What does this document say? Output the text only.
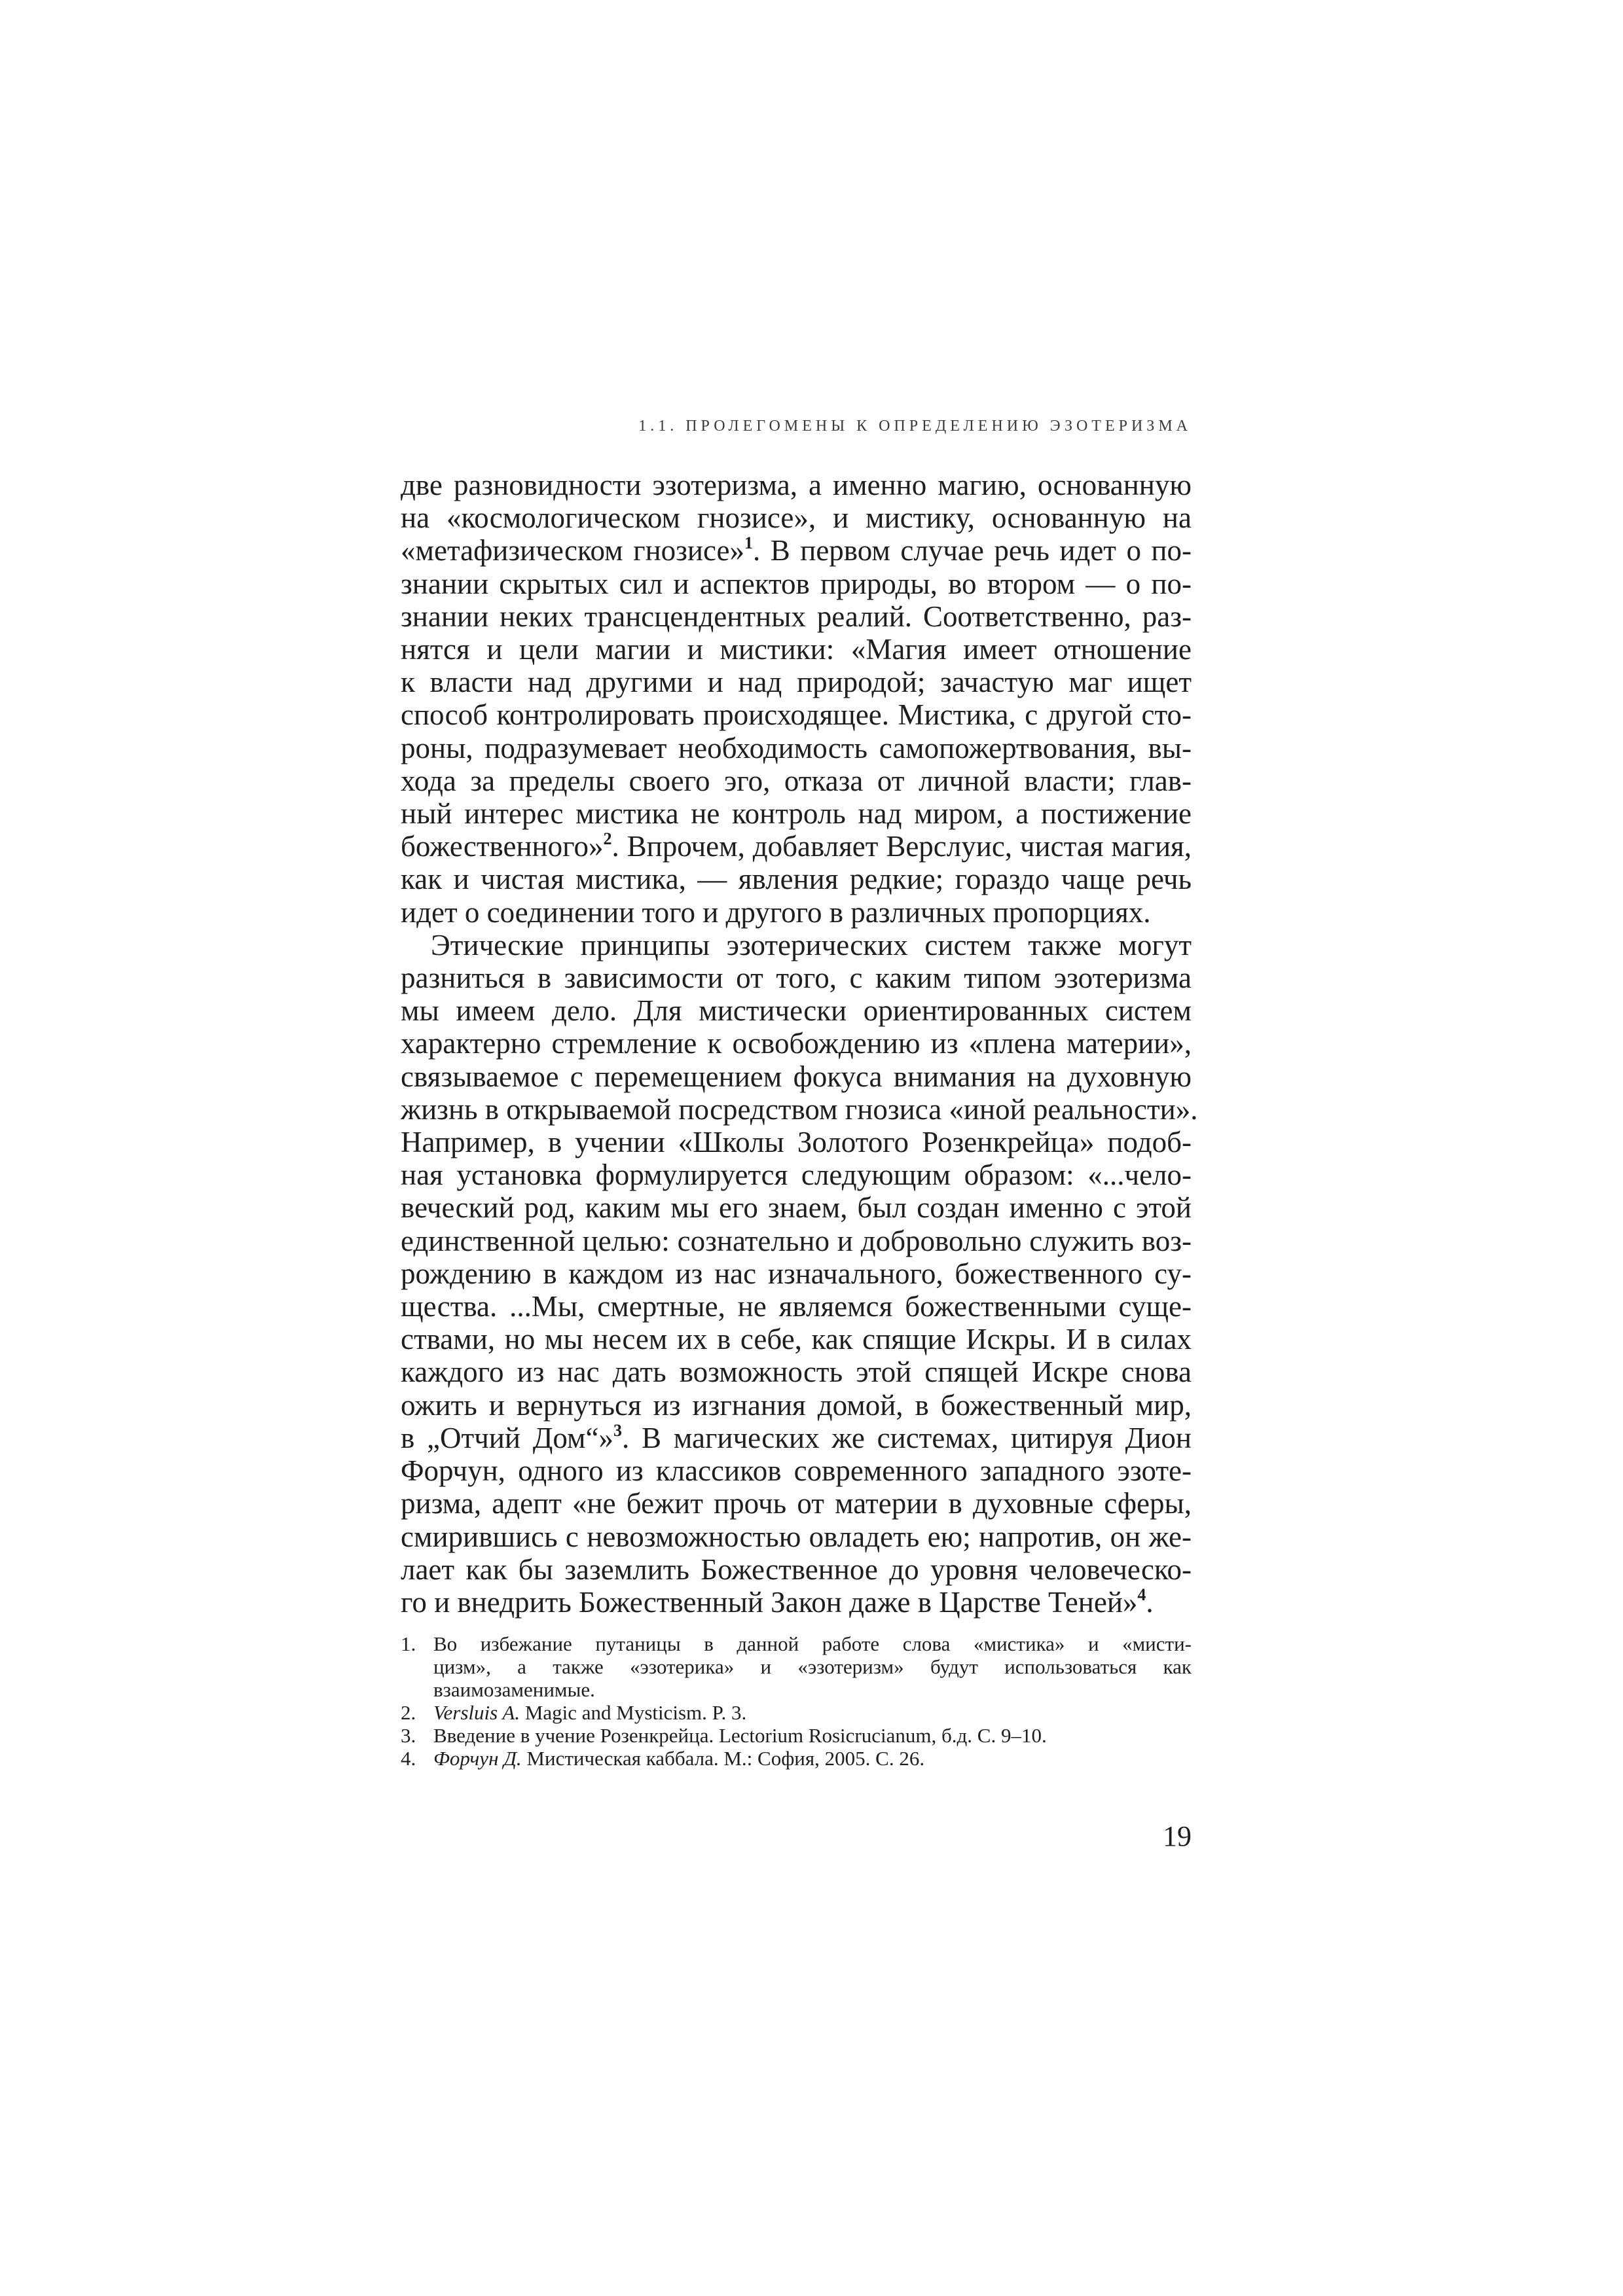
1.1. ПРОЛЕГОМЕНЫ К ОПРЕДЕЛЕНИЮ ЭЗОТЕРИЗМА
две разновидности эзотеризма, а именно магию, основанную
на «космологическом гнозисе», и мистику, основанную на
«метафизическом гнозисе»$^1$. В первом случае речь идет о по-
знании скрытых сил и аспектов природы, во втором — о по-
знании неких трансцендентных реалий. Соответственно, раз-
нятся и цели магии и мистики: «Магия имеет отношение
к власти над другими и над природой; зачастую маг ищет
способ контролировать происходящее. Мистика, с другой сто-
роны, подразумевает необходимость самопожертвования, вы-
хода за пределы своего эго, отказа от личной власти; глав-
ный интерес мистика не контроль над миром, а постижение
божественного»$^2$. Впрочем, добавляет Верслуис, чистая магия,
как и чистая мистика, — явления редкие; гораздо чаще речь
идет о соединении того и другого в различных пропорциях.
Этические принципы эзотерических систем также могут
разниться в зависимости от того, с каким типом эзотеризма
мы имеем дело. Для мистически ориентированных систем
характерно стремление к освобождению из «плена материи»,
связываемое с перемещением фокуса внимания на духовную
жизнь в открываемой посредством гнозиса «иной реальности».
Например, в учении «Школы Золотого Розенкрейца» подоб-
ная установка формулируется следующим образом: «...чело-
веческий род, каким мы его знаем, был создан именно с этой
единственной целью: сознательно и добровольно служить воз-
рождению в каждом из нас изначального, божественного су-
щества. ...Мы, смертные, не являемся божественными суще-
ствами, но мы несем их в себе, как спящие Искры. И в силах
каждого из нас дать возможность этой спящей Искре снова
ожить и вернуться из изгнания домой, в божественный мир,
в „Отчий Дом“»$^3$. В магических же системах, цитируя Дион
Форчун, одного из классиков современного западного эзоте-
ризма, адепт «не бежит прочь от материи в духовные сферы,
смирившись с невозможностью овладеть ею; напротив, он же-
лает как бы заземлить Божественное до уровня человеческо-
го и внедрить Божественный Закон даже в Царстве Теней»$^4$.
1. Во избежание путаницы в данной работе слова «мистика» и «мисти-
цизм», а также «эзотерика» и «эзотеризм» будут использоваться как
взаимозаменимые.
2. Versluis A. Magic and Mysticism. P. 3.
3. Введение в учение Розенкрейца. Lectorium Rosicrucianum, б.д. С. 9–10.
4. Форчун Д. Мистическая каббала. М.: София, 2005. С. 26.
19
